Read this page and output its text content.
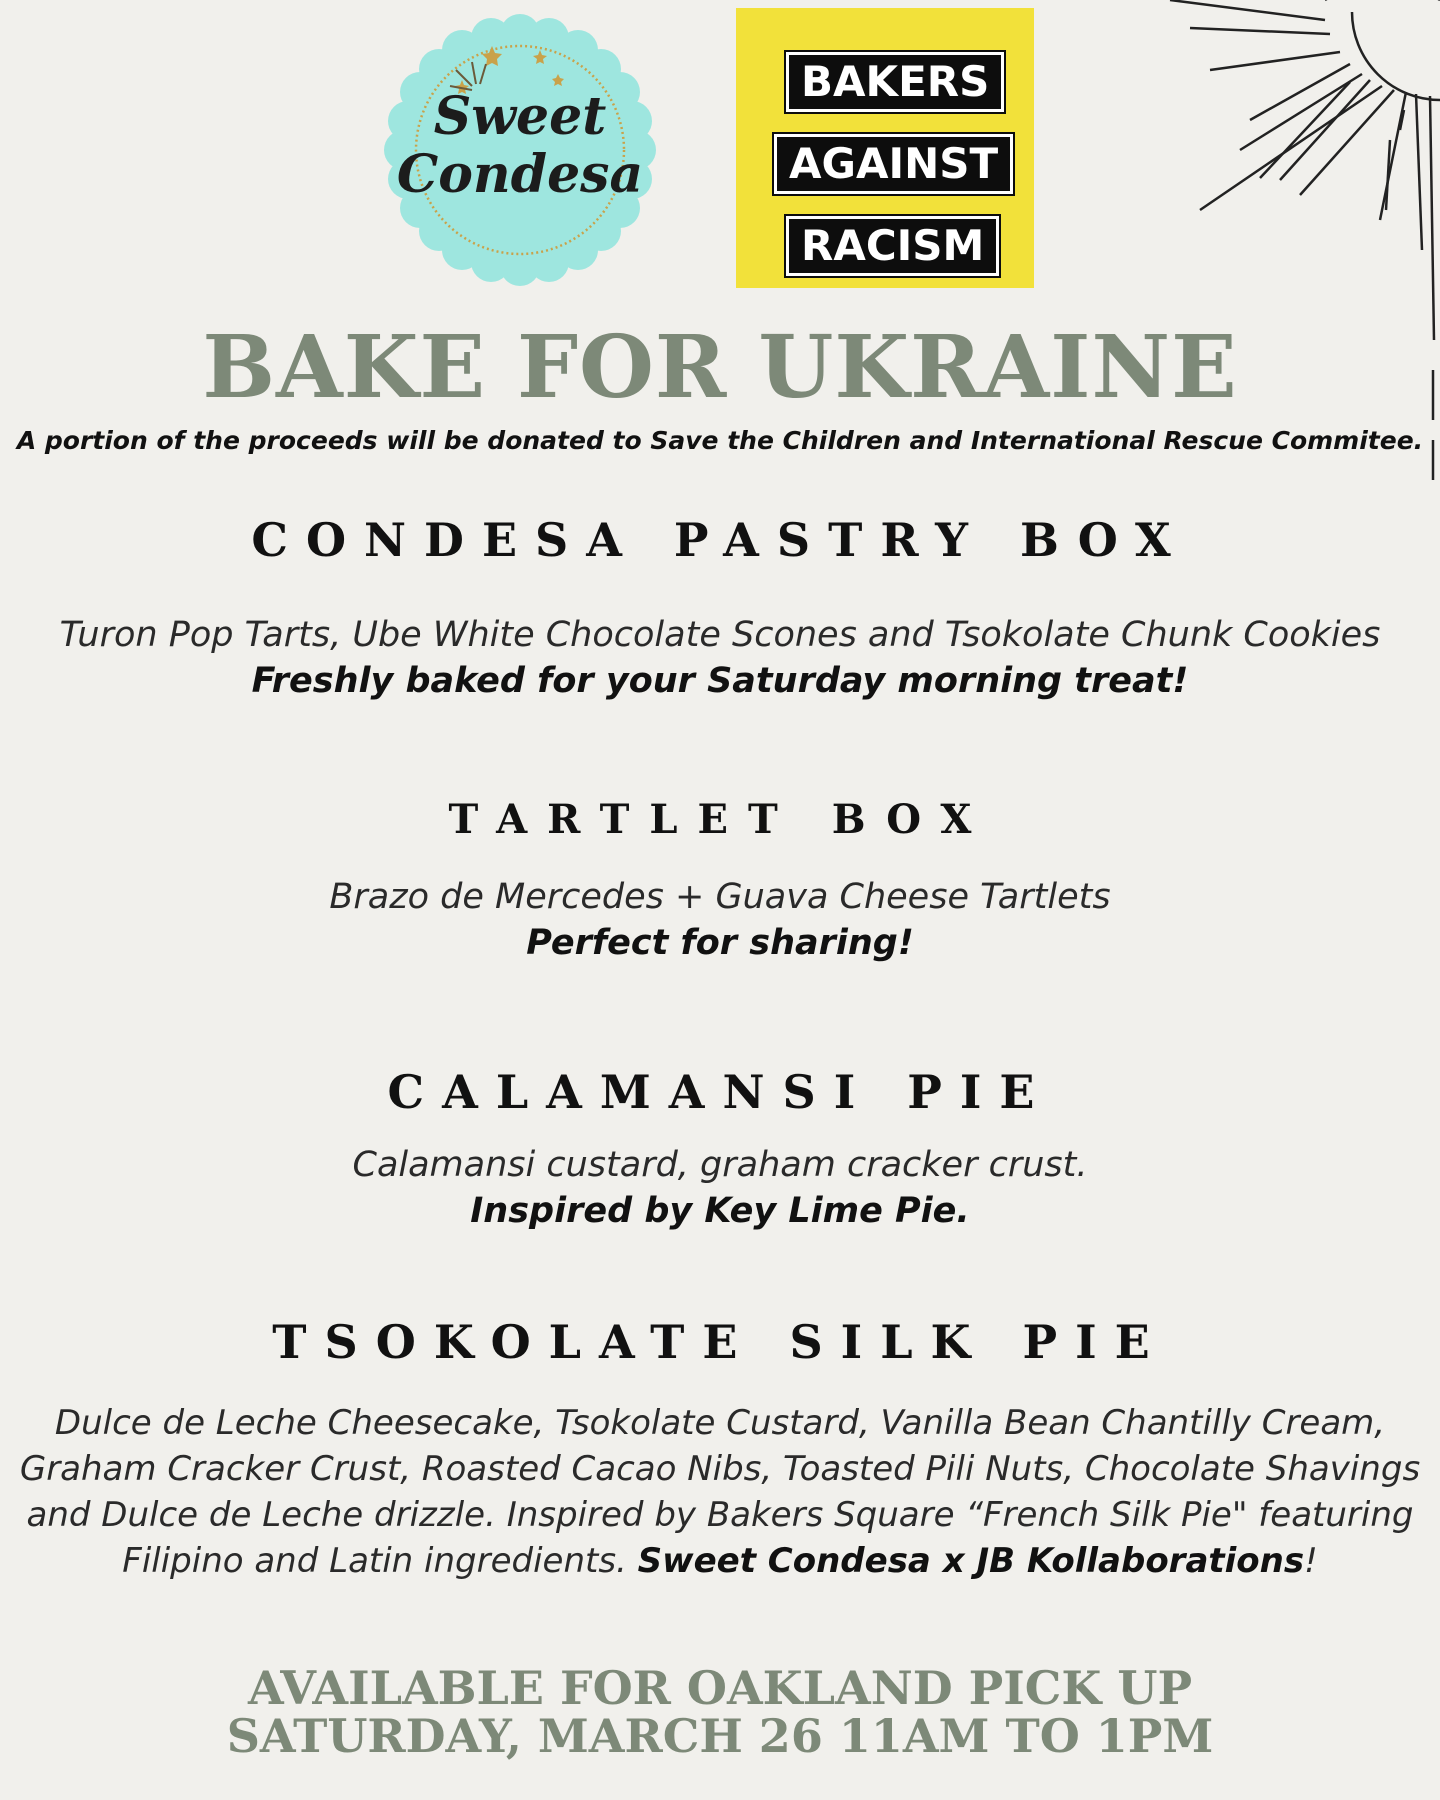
Sweet
Condesa
BAKERS
AGAINST
RACISM
BAKE FOR UKRAINE
A portion of the proceeds will be donated to Save the Children and International Rescue Commitee.
CONDESA PASTRY BOX
Turon Pop Tarts, Ube White Chocolate Scones and Tsokolate Chunk Cookies
Freshly baked for your Saturday morning treat!
TARTLET BOX
Brazo de Mercedes + Guava Cheese Tartlets
Perfect for sharing!
CALAMANSI PIE
Calamansi custard, graham cracker crust.
Inspired by Key Lime Pie.
TSOKOLATE SILK PIE
Dulce de Leche Cheesecake, Tsokolate Custard, Vanilla Bean Chantilly Cream,
Graham Cracker Crust, Roasted Cacao Nibs, Toasted Pili Nuts, Chocolate Shavings
and Dulce de Leche drizzle. Inspired by Bakers Square “French Silk Pie" featuring
Filipino and Latin ingredients. Sweet Condesa x JB Kollaborations!
AVAILABLE FOR OAKLAND PICK UP
SATURDAY, MARCH 26 11AM TO 1PM
